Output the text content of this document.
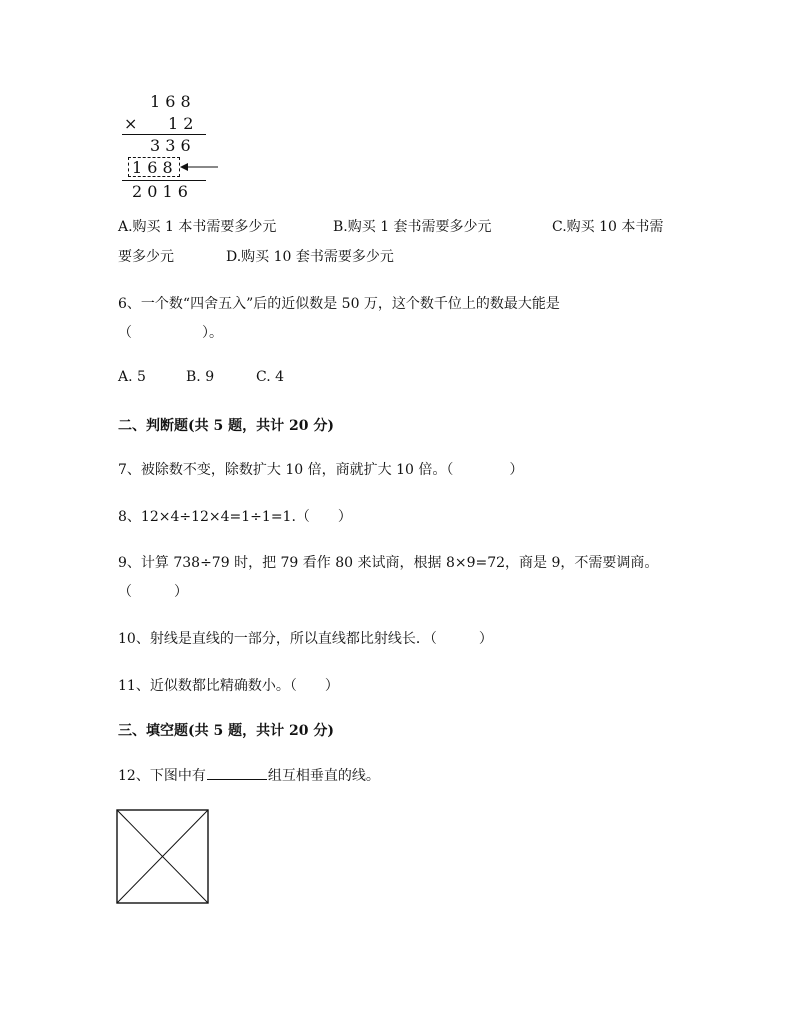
1 6 8
× 1 2
3 3 6
1 6 8
2 0 1 6
A.购买 1 本书需要多少元	B.购买 1 套书需要多少元	C.购买 10 本书需
要多少元	D.购买 10 套书需要多少元
6、一个数“四舍五入”后的近似数是 50 万，这个数千位上的数最大能是
（　　　　　）。
A. 5	B. 9	C. 4
二、判断题(共 5 题，共计 20 分)
7、被除数不变，除数扩大 10 倍，商就扩大 10 倍。（　　　　）
8、12×4÷12×4=1÷1=1.（　　）
9、计算 738÷79 时，把 79 看作 80 来试商，根据 8×9=72，商是 9，不需要调商。
（　　　）
10、射线是直线的一部分，所以直线都比射线长．（　　　）
11、近似数都比精确数小。（　　）
三、填空题(共 5 题，共计 20 分)
12、下图中有	组互相垂直的线。
